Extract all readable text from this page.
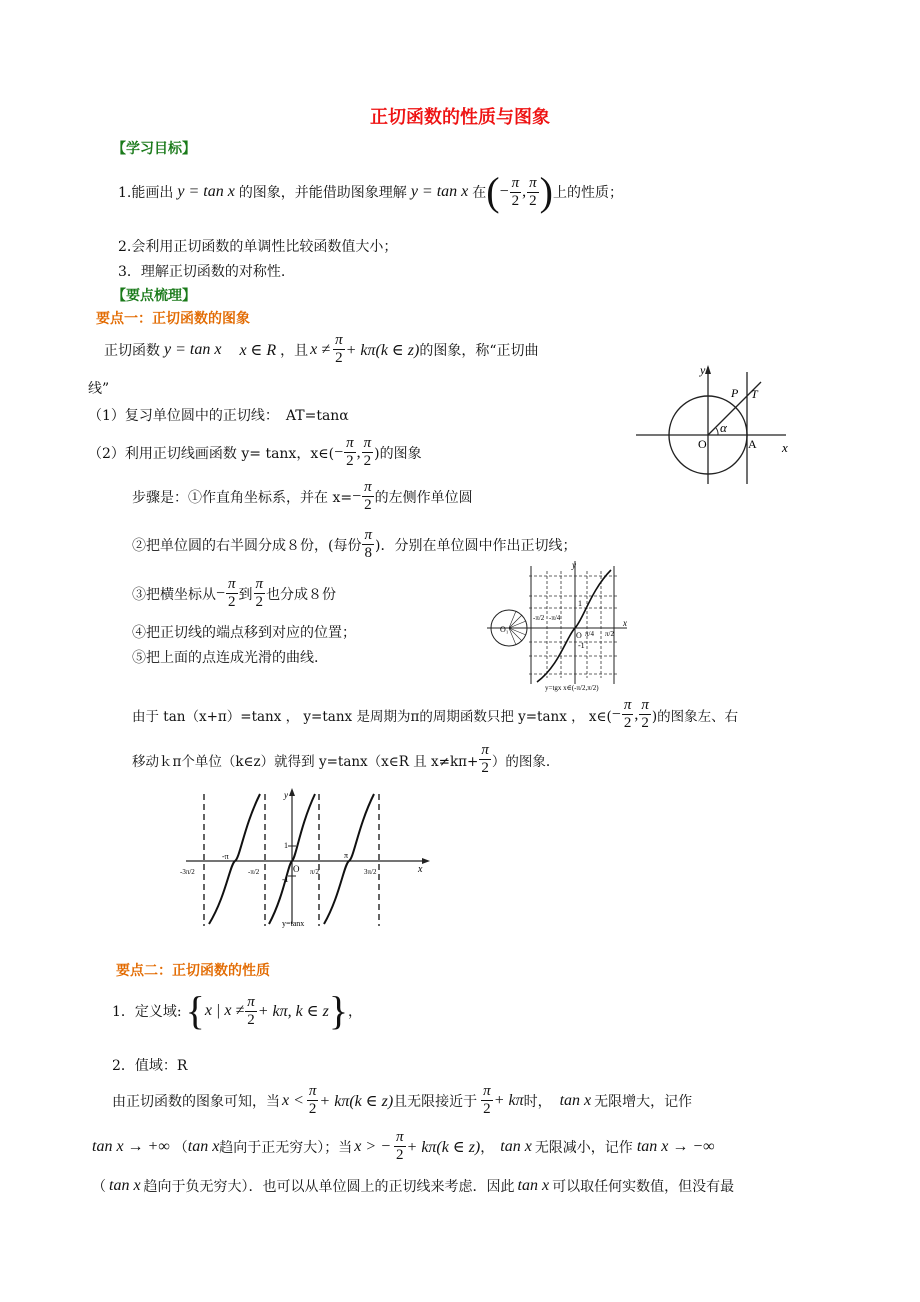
正切函数的性质与图象
【学习目标】
1.能画出 y = tan x 的图象，并能借助图象理解 y = tan x 在 ( − $\frac{\pi}{2}$ , $\frac{\pi}{2}$ ) 上的性质；
2.会利用正切函数的单调性比较函数值大小；
3．理解正切函数的对称性.
【要点梳理】
要点一：正切函数的图象
正切函数 y = tan x x ∈ R ，且 $x \ne \frac{\pi}{2} + k\pi(k$ ∈ z) 的图象，称“正切曲
线”
（1）复习单位圆中的正切线：　AT=tanα
（2）利用正切线画函数 y= tanx，x∈( − $\frac{\pi}{2}$ , $\frac{\pi}{2}$ )的图象
步骤是：①作直角坐标系，并在 $x= - \frac{\pi}{2}$ 的左侧作单位圆
②把单位圆的右半圆分成８份，(每份 $\frac{\pi}{8}$ )．分别在单位圆中作出正切线；
③把横坐标从 − $\frac{\pi}{2}$ 到 $\frac{\pi}{2}$ 也分成８份
④把正切线的端点移到对应的位置；
⑤把上面的点连成光滑的曲线.
由于 tan（x+π）=tanx ， y=tanx 是周期为π的周期函数只把 y=tanx ， x∈( − $\frac{\pi}{2}$ , $\frac{\pi}{2}$ )的图象左、右
移动ｋπ个单位（k∈z）就得到 y=tanx（x∈R 且 $x\ne k\pi+ \frac{\pi}{2}$ ）的图象.
y
x
O	A
P T
α
y
x
O₁
O
1
-1
π/4
-π/4
π/2
-π/2
y=tgx x∈(-π/2,π/2)
y
x
O
1
-1
-π	π
-3π/2	-π/2	π/2	3π/2
y=tanx
要点二：正切函数的性质
1．定义域: { x | $x \ne \frac{\pi}{2} + k\pi$, k ∈ z } ，
2．值域：R
由正切函数的图象可知，当 $x < \frac{\pi}{2} + k\pi(k$ ∈ z) 且无限接近于 $\frac{\pi}{2} + k\pi$ 时， tan x 无限增大，记作
tan x → +∞ （ tan x 趋向于正无穷大）；当 x > − $\frac{\pi}{2} + k\pi(k$ ∈ z) ， tan x 无限减小，记作 tan x → −∞
（ tan x 趋向于负无穷大）．也可以从单位圆上的正切线来考虑．因此 tan x 可以取任何实数值，但没有最
